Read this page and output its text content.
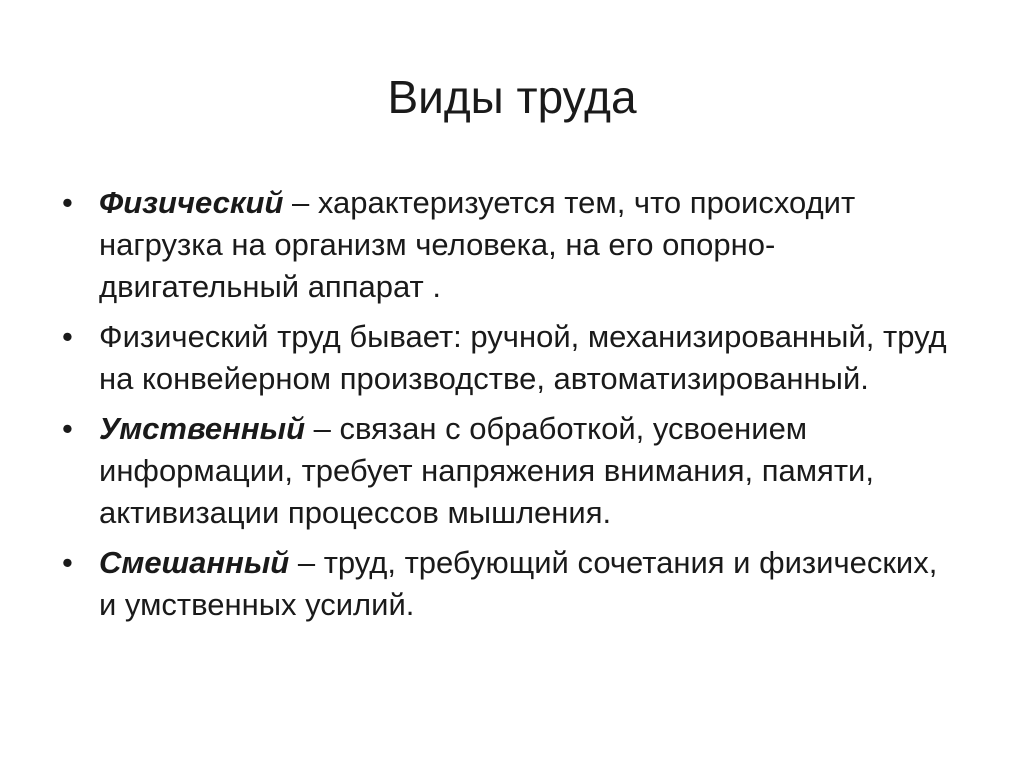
Виды труда
• Физический – характеризуется тем, что происходит нагрузка на организм человека, на его опорно-двигательный аппарат .
• Физический труд бывает: ручной, механизированный, труд на конвейерном производстве, автоматизированный.
• Умственный – связан с обработкой, усвоением информации, требует напряжения внимания, памяти, активизации процессов мышления.
• Смешанный – труд, требующий сочетания и физических, и умственных усилий.
